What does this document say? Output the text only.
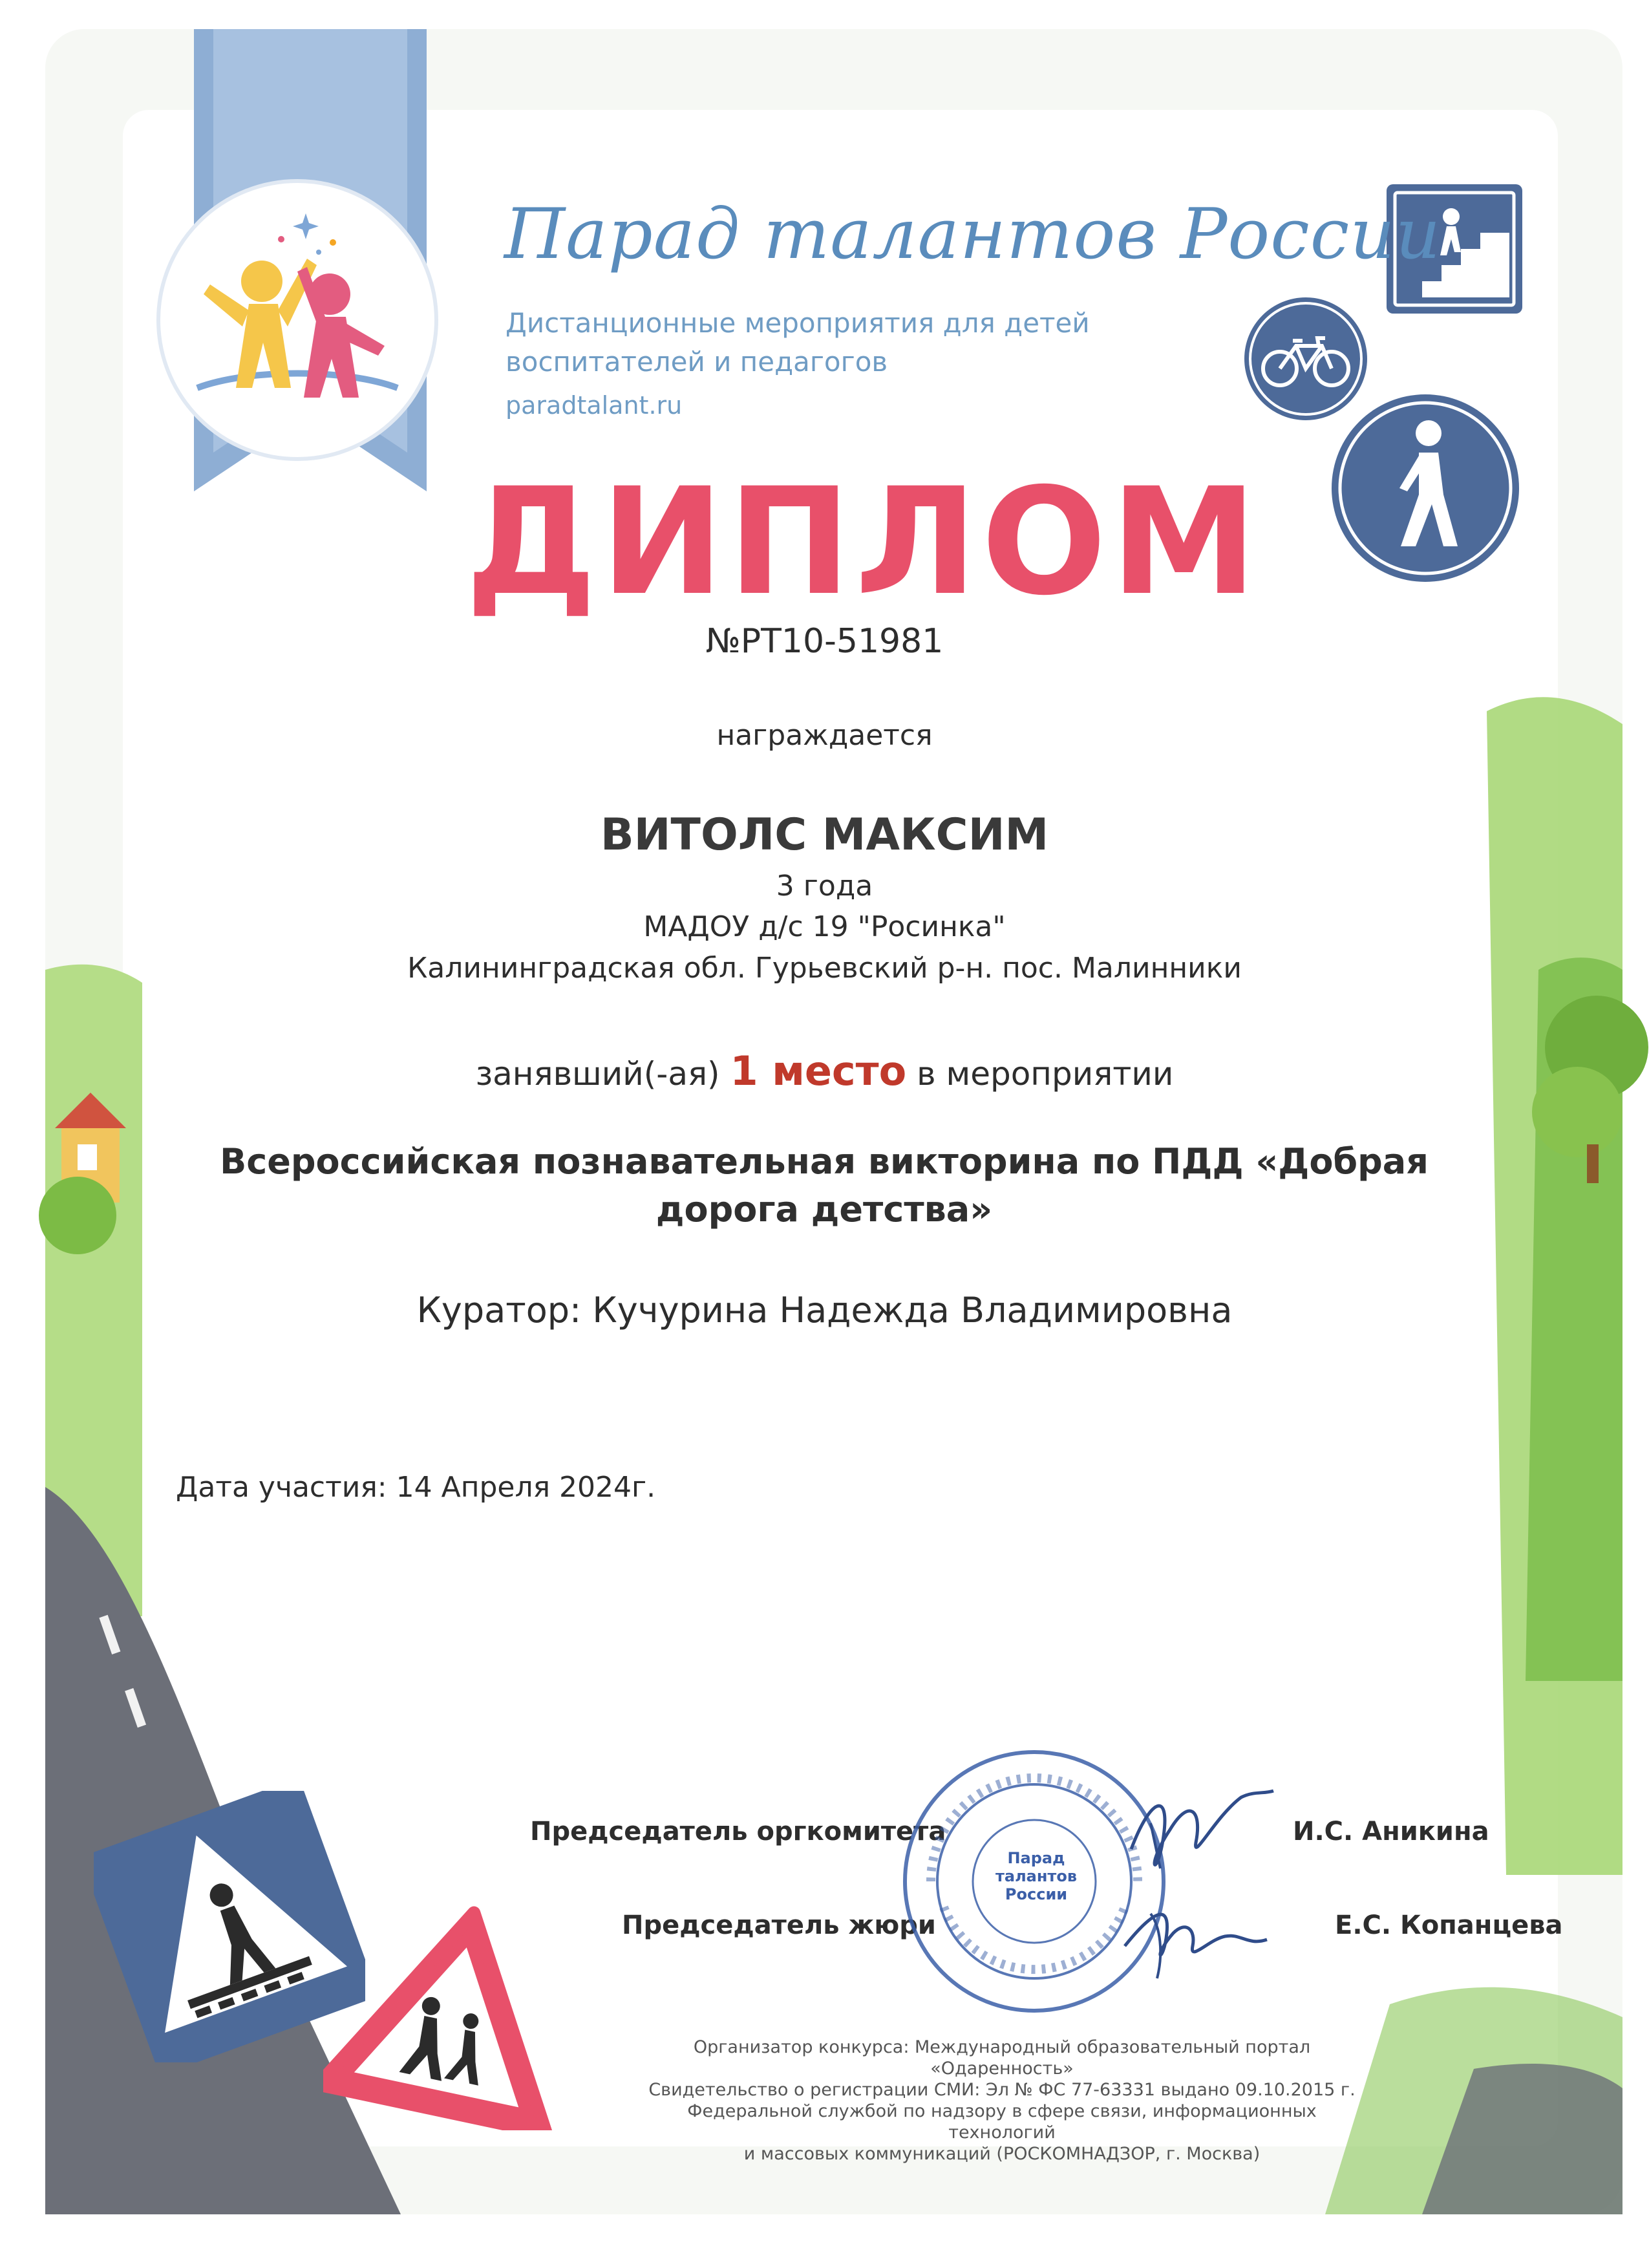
Парад талантов России
Дистанционные мероприятия для детей
воспитателей и педагогов
paradtalant.ru
ДИПЛОМ
№РТ10-51981
награждается
ВИТОЛС МАКСИМ
3 года
МАДОУ д/с 19 "Росинка"
Калининградская обл. Гурьевский р-н. пос. Малинники
занявший(-ая) 1 место в мероприятии
Всероссийская познавательная викторина по ПДД «Добрая дорога детства»
Куратор: Кучурина Надежда Владимировна
Дата участия: 14 Апреля 2024г.
Председатель оргкомитета	И.С. Аникина
Председатель жюри	Е.С. Копанцева
Парад талантов России
Организатор конкурса: Международный образовательный портал «Одаренность»
Свидетельство о регистрации СМИ: Эл № ФС 77-63331 выдано 09.10.2015 г.
Федеральной службой по надзору в сфере связи, информационных технологий
и массовых коммуникаций (РОСКОМНАДЗОР, г. Москва)
